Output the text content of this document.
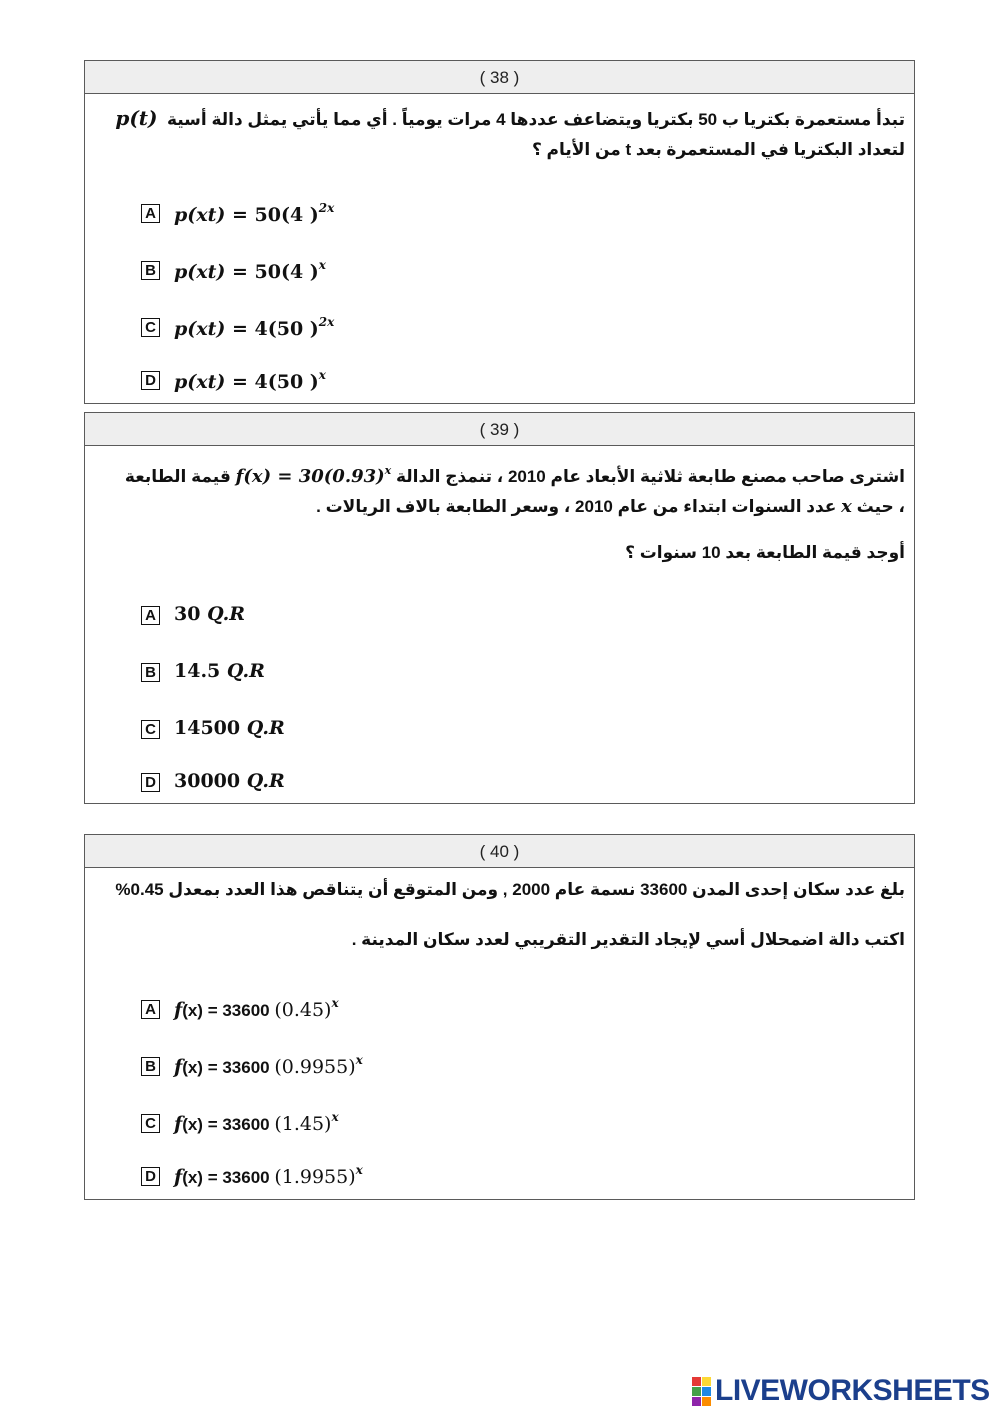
( 38 )
تبدأ مستعمرة بكتريا ب 50 بكتريا ويتضاعف عددها 4 مرات يومياً . أي مما يأتي يمثل دالة أسية  p(t)
لتعداد البكتريا في المستعمرة بعد t من الأيام ؟
A p(xt) = 50(4 )$^{2x}$
B p(xt) = 50(4 )$^x$
C p(xt) = 4(50 )$^{2x}$
D p(xt) = 4(50 )$^x$
( 39 )
اشترى صاحب مصنع طابعة ثلاثية الأبعاد عام 2010 ، تنمذج الدالة $f(x) = 30(0.93)^x$ قيمة الطابعة
، حيث x عدد السنوات ابتداء من عام 2010 ، وسعر الطابعة بالاف الريالات .
أوجد قيمة الطابعة بعد 10 سنوات ؟
A 30 Q.R
B 14.5 Q.R
C 14500 Q.R
D 30000 Q.R
( 40 )
بلغ عدد سكان إحدى المدن 33600 نسمة عام 2000 , ومن المتوقع أن يتناقص هذا العدد بمعدل 0.45%
اكتب دالة اضمحلال أسي لإيجاد التقدير التقريبي لعدد سكان المدينة .
A f(x) = 33600 $(0.45)^x$
B f(x) = 33600 $(0.9955)^x$
C f(x) = 33600 $(1.45)^x$
D f(x) = 33600 $(1.9955)^x$
LIVEWORKSHEETS
